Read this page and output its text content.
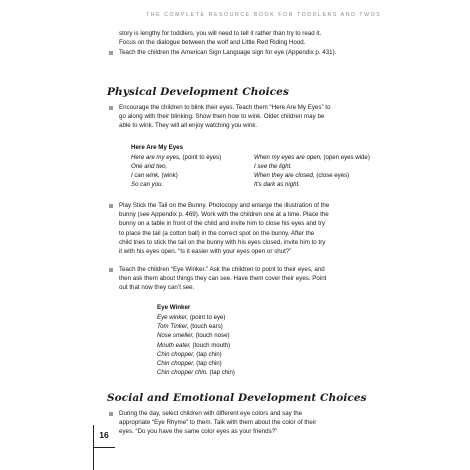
THE COMPLETE RESOURCE BOOK FOR TODDLERS AND TWOS
story is lengthy for toddlers, you will need to tell it rather than try to read it.
Focus on the dialogue between the wolf and Little Red Riding Hood.
Teach the children the American Sign Language sign for eye (Appendix p. 431).
Physical Development Choices
Encourage the children to blink their eyes. Teach them “Here Are My Eyes” to
go along with their blinking. Show them how to wink. Older children may be
able to wink. They will all enjoy watching you wink.
Here Are My Eyes
Here are my eyes, (point to eyes)
One and two,
I can wink, (wink)
So can you.
When my eyes are open, (open eyes wide)
I see the light.
When they are closed, (close eyes)
It’s dark as night.
Play Stick the Tail on the Bunny. Photocopy and enlarge the illustration of the
bunny (see Appendix p. 469). Work with the children one at a time. Place the
bunny on a table in front of the child and invite him to close his eyes and try
to place the tail (a cotton ball) in the correct spot on the bunny. After the
child tries to stick the tail on the bunny with his eyes closed, invite him to try
it with his eyes open. “Is it easier with your eyes open or shut?”
Teach the children “Eye Winker.” Ask the children to point to their eyes, and
then ask them about things they can see. Have them cover their eyes. Point
out that now they can’t see.
Eye Winker
Eye winker, (point to eye)
Tom Tinker, (touch ears)
Nose smeller, (touch nose)
Mouth eater, (touch mouth)
Chin chopper, (tap chin)
Chin chopper, (tap chin)
Chin chopper chin. (tap chin)
Social and Emotional Development Choices
During the day, select children with different eye colors and say the
appropriate “Eye Rhyme” to them. Talk with them about the color of their
eyes. “Do you have the same color eyes as your friends?”
16
